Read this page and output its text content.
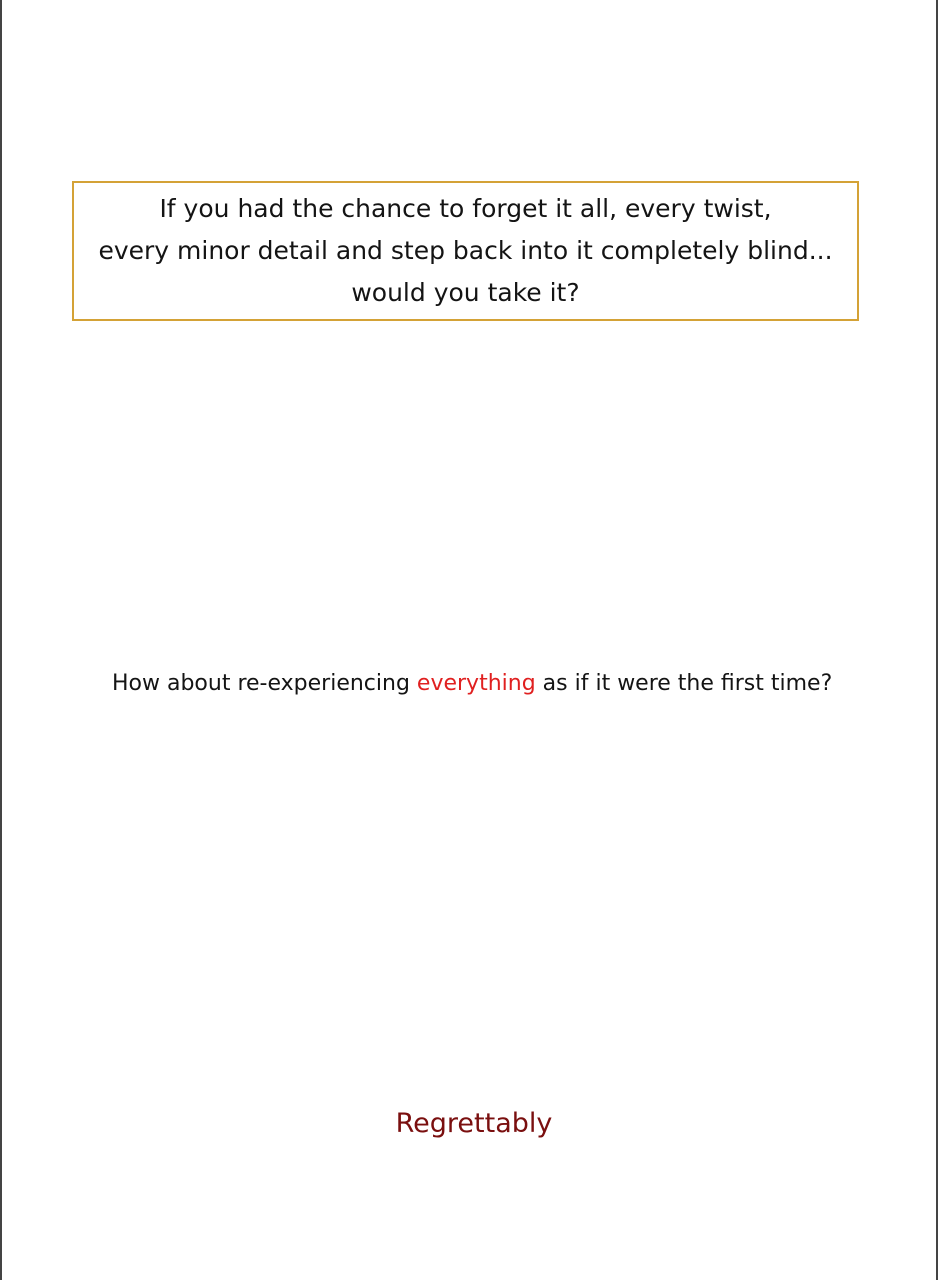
If you had the chance to forget it all, every twist,
every minor detail and step back into it completely blind...
would you take it?
How about re-experiencing everything as if it were the first time?
Regrettably
